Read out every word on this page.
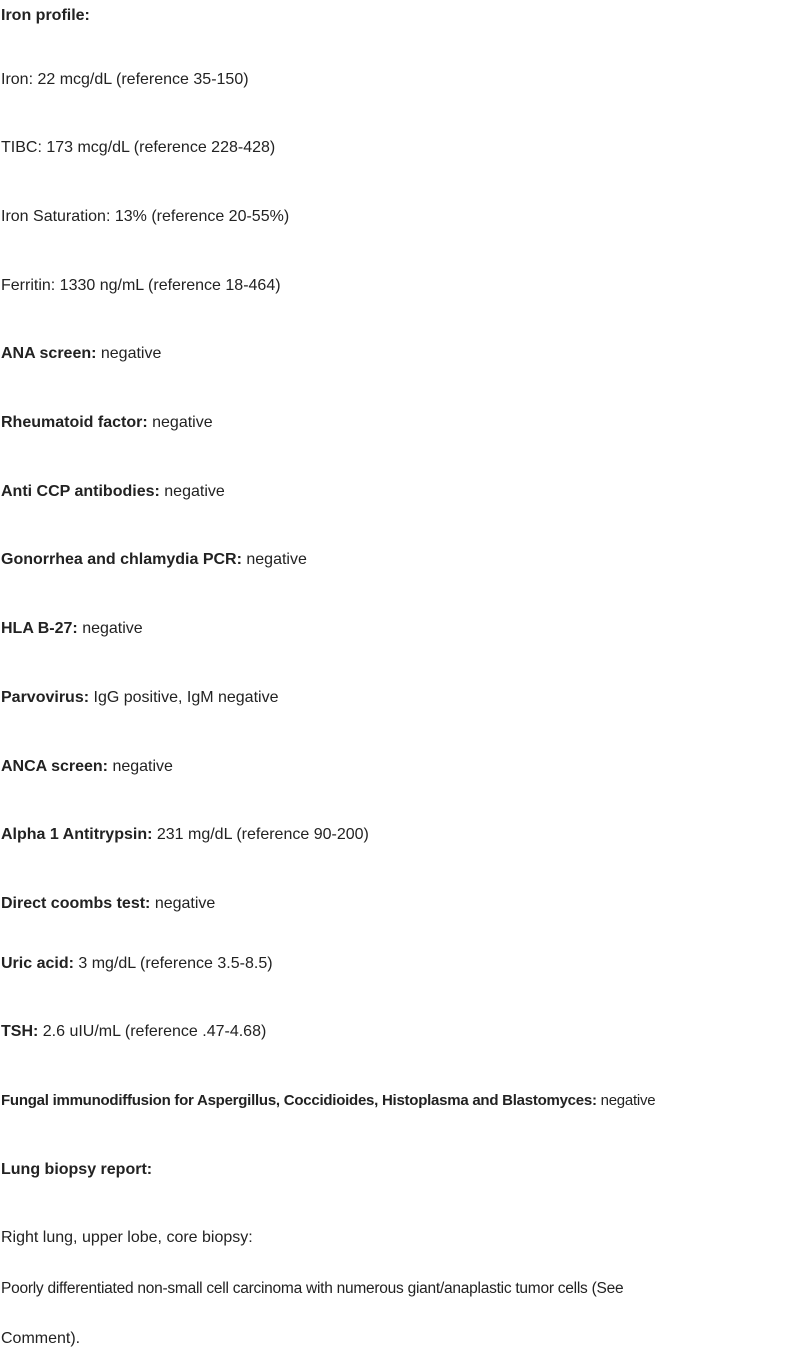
Iron profile:
Iron: 22 mcg/dL (reference 35-150)
TIBC: 173 mcg/dL (reference 228-428)
Iron Saturation: 13% (reference 20-55%)
Ferritin: 1330 ng/mL (reference 18-464)
ANA screen: negative
Rheumatoid factor: negative
Anti CCP antibodies: negative
Gonorrhea and chlamydia PCR: negative
HLA B-27: negative
Parvovirus: IgG positive, IgM negative
ANCA screen: negative
Alpha 1 Antitrypsin: 231 mg/dL (reference 90-200)
Direct coombs test: negative
Uric acid: 3 mg/dL (reference 3.5-8.5)
TSH: 2.6 uIU/mL (reference .47-4.68)
Fungal immunodiffusion for Aspergillus, Coccidioides, Histoplasma and Blastomyces: negative
Lung biopsy report:
Right lung, upper lobe, core biopsy:
Poorly differentiated non-small cell carcinoma with numerous giant/anaplastic tumor cells (See
Comment).
